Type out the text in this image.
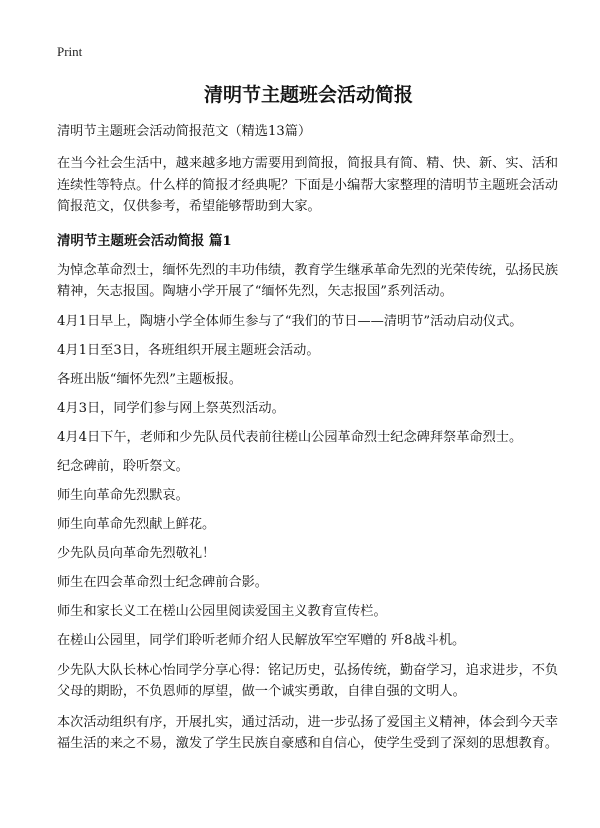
Print
清明节主题班会活动简报

清明节主题班会活动简报范文（精选13篇）

在当今社会生活中，越来越多地方需要用到简报，简报具有简、精、快、新、实、活和连续性等特点。什么样的简报才经典呢？下面是小编帮大家整理的清明节主题班会活动简报范文，仅供参考，希望能够帮助到大家。

清明节主题班会活动简报 篇1

为悼念革命烈士，缅怀先烈的丰功伟绩，教育学生继承革命先烈的光荣传统，弘扬民族精神，矢志报国。陶塘小学开展了“缅怀先烈，矢志报国”系列活动。

4月1日早上，陶塘小学全体师生参与了“我们的节日——清明节”活动启动仪式。

4月1日至3日，各班组织开展主题班会活动。

各班出版“缅怀先烈”主题板报。

4月3日，同学们参与网上祭英烈活动。

4月4日下午，老师和少先队员代表前往槎山公园革命烈士纪念碑拜祭革命烈士。

纪念碑前，聆听祭文。

师生向革命先烈默哀。

师生向革命先烈献上鲜花。

少先队员向革命先烈敬礼！

师生在四会革命烈士纪念碑前合影。

师生和家长义工在槎山公园里阅读爱国主义教育宣传栏。

在槎山公园里，同学们聆听老师介绍人民解放军空军赠的 歼8战斗机。

少先队大队长林心怡同学分享心得：铭记历史，弘扬传统，勤奋学习，追求进步，不负父母的期盼，不负恩师的厚望，做一个诚实勇敢，自律自强的文明人。

本次活动组织有序，开展扎实，通过活动，进一步弘扬了爱国主义精神，体会到今天幸福生活的来之不易，激发了学生民族自豪感和自信心，使学生受到了深刻的思想教育。
